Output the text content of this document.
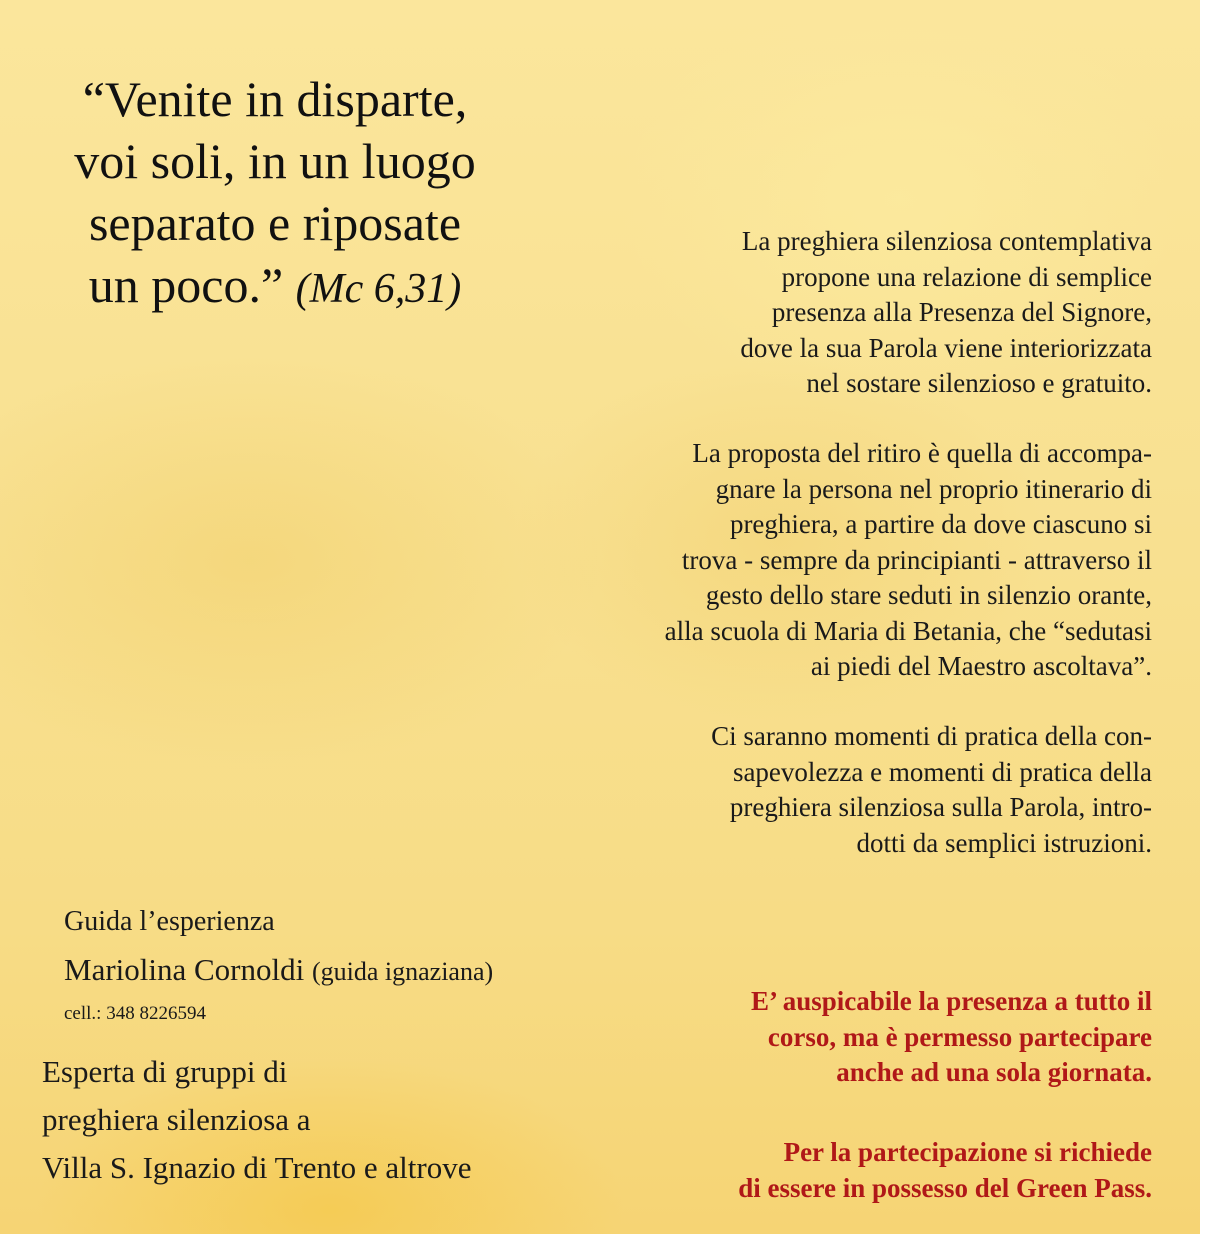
“Venite in disparte,
voi soli, in un luogo
separato e riposate
un poco.” (Mc 6,31)
La preghiera silenziosa contemplativa
propone una relazione di semplice
presenza alla Presenza del Signore,
dove la sua Parola viene interiorizzata
nel sostare silenzioso e gratuito.
La proposta del ritiro è quella di accompa-
gnare la persona nel proprio itinerario di
preghiera, a partire da dove ciascuno si
trova - sempre da principianti - attraverso il
gesto dello stare seduti in silenzio orante,
alla scuola di Maria di Betania, che “sedutasi
ai piedi del Maestro ascoltava”.
Ci saranno momenti di pratica della con-
sapevolezza e momenti di pratica della
preghiera silenziosa sulla Parola, intro-
dotti da semplici istruzioni.
E’ auspicabile la presenza a tutto il
corso, ma è permesso partecipare
anche ad una sola giornata.
Per la partecipazione si richiede
di essere in possesso del Green Pass.
Guida l’esperienza
Mariolina Cornoldi (guida ignaziana)
cell.: 348 8226594
Esperta di gruppi di
preghiera silenziosa a
Villa S. Ignazio di Trento e altrove
